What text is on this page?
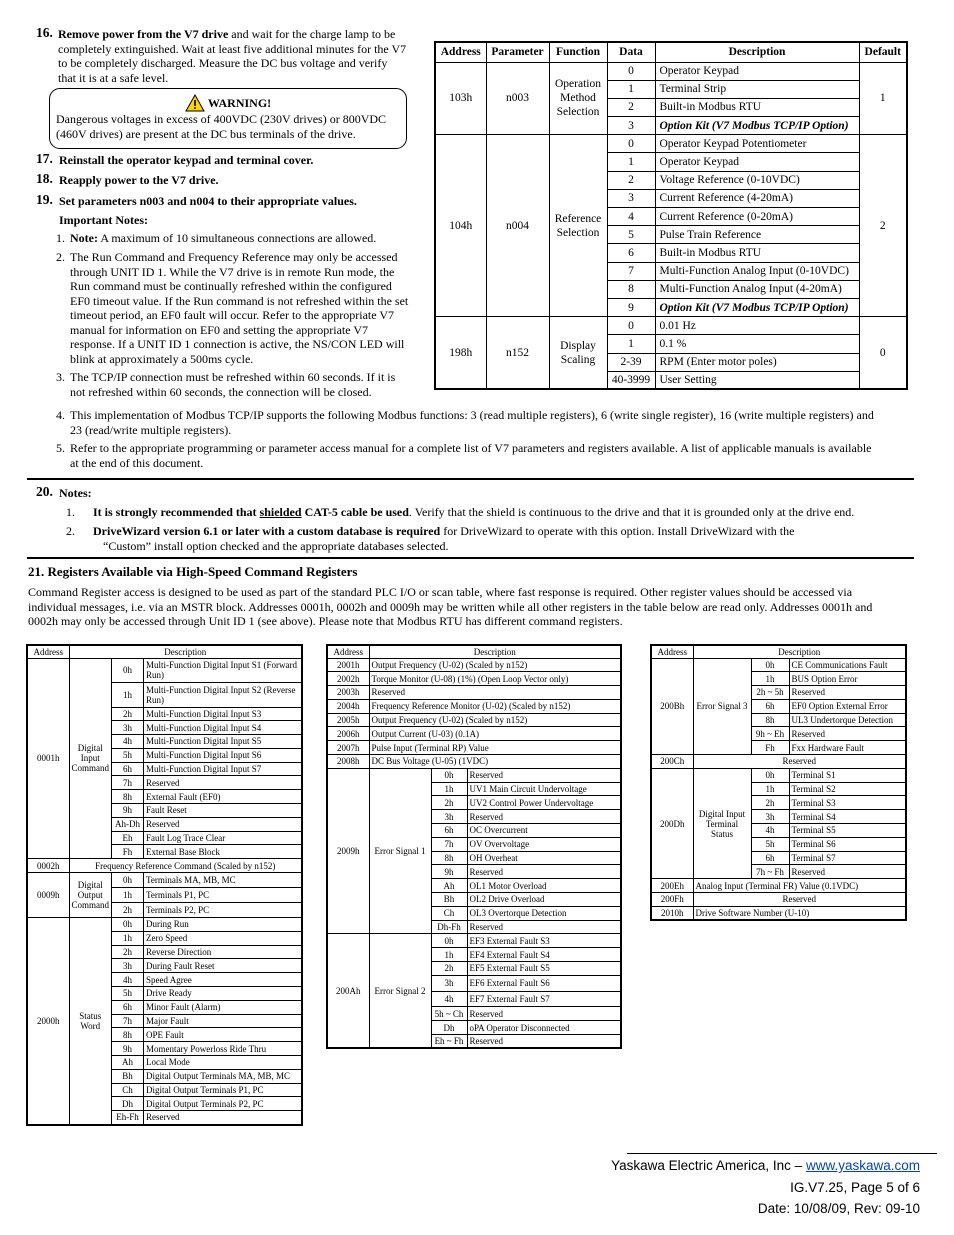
16. Remove power from the V7 drive and wait for the charge lamp to be
completely extinguished. Wait at least five additional minutes for the V7
to be completely discharged. Measure the DC bus voltage and verify
that it is at a safe level.
WARNING!
Dangerous voltages in excess of 400VDC (230V drives) or 800VDC
(460V drives) are present at the DC bus terminals of the drive.
17. Reinstall the operator keypad and terminal cover.
18. Reapply power to the V7 drive.
19. Set parameters n003 and n004 to their appropriate values.
Important Notes:
1. Note: A maximum of 10 simultaneous connections are allowed.
2. The Run Command and Frequency Reference may only be accessed
through UNIT ID 1. While the V7 drive is in remote Run mode, the
Run command must be continually refreshed within the configured
EF0 timeout value. If the Run command is not refreshed within the set
timeout period, an EF0 fault will occur. Refer to the appropriate V7
manual for information on EF0 and setting the appropriate V7
response. If a UNIT ID 1 connection is active, the NS/CON LED will
blink at approximately a 500ms cycle.
3. The TCP/IP connection must be refreshed within 60 seconds. If it is
not refreshed within 60 seconds, the connection will be closed.
Address	Parameter	Function	Data	Description	Default
103h	n003	Operation Method Selection	0	Operator Keypad	1
			1	Terminal Strip	
			2	Built-in Modbus RTU	
			3	Option Kit (V7 Modbus TCP/IP Option)	
104h	n004	Reference Selection	0	Operator Keypad Potentiometer	2
			1	Operator Keypad	
			2	Voltage Reference (0-10VDC)	
			3	Current Reference (4-20mA)	
			4	Current Reference (0-20mA)	
			5	Pulse Train Reference	
			6	Built-in Modbus RTU	
			7	Multi-Function Analog Input (0-10VDC)	
			8	Multi-Function Analog Input (4-20mA)	
			9	Option Kit (V7 Modbus TCP/IP Option)	
198h	n152	Display Scaling	0	0.01 Hz	0
			1	0.1 %	
			2-39	RPM (Enter motor poles)	
			40-3999	User Setting	
4. This implementation of Modbus TCP/IP supports the following Modbus functions: 3 (read multiple registers), 6 (write single register), 16 (write multiple registers) and
23 (read/write multiple registers).
5. Refer to the appropriate programming or parameter access manual for a complete list of V7 parameters and registers available. A list of applicable manuals is available
at the end of this document.
20. Notes:
1. It is strongly recommended that shielded CAT-5 cable be used. Verify that the shield is continuous to the drive and that it is grounded only at the drive end.
2. DriveWizard version 6.1 or later with a custom database is required for DriveWizard to operate with this option. Install DriveWizard with the
“Custom” install option checked and the appropriate databases selected.
21. Registers Available via High-Speed Command Registers
Command Register access is designed to be used as part of the standard PLC I/O or scan table, where fast response is required. Other register values should be accessed via
individual messages, i.e. via an MSTR block. Addresses 0001h, 0002h and 0009h may be written while all other registers in the table below are read only. Addresses 0001h and
0002h may only be accessed through Unit ID 1 (see above). Please note that Modbus RTU has different command registers.
Address	Description		
0001h	Digital Input Command	0h	Multi-Function Digital Input S1 (Forward Run)
		1h	Multi-Function Digital Input S2 (Reverse Run)
		2h	Multi-Function Digital Input S3
		3h	Multi-Function Digital Input S4
		4h	Multi-Function Digital Input S5
		5h	Multi-Function Digital Input S6
		6h	Multi-Function Digital Input S7
		7h	Reserved
		8h	External Fault (EF0)
		9h	Fault Reset
		Ah-Dh	Reserved
		Eh	Fault Log Trace Clear
		Fh	External Base Block
0002h	Frequency Reference Command (Scaled by n152)		
0009h	Digital Output Command	0h	Terminals MA, MB, MC
		1h	Terminals P1, PC
		2h	Terminals P2, PC
2000h	Status Word	0h	During Run
		1h	Zero Speed
		2h	Reverse Direction
		3h	During Fault Reset
		4h	Speed Agree
		5h	Drive Ready
		6h	Minor Fault (Alarm)
		7h	Major Fault
		8h	OPE Fault
		9h	Momentary Powerloss Ride Thru
		Ah	Local Mode
		Bh	Digital Output Terminals MA, MB, MC
		Ch	Digital Output Terminals P1, PC
		Dh	Digital Output Terminals P2, PC
		Eh-Fh	Reserved
Address	Description		
2001h	Output Frequency (U-02) (Scaled by n152)		
2002h	Torque Monitor (U-08) (1%) (Open Loop Vector only)		
2003h	Reserved		
2004h	Frequency Reference Monitor (U-02) (Scaled by n152)		
2005h	Output Frequency (U-02) (Scaled by n152)		
2006h	Output Current (U-03) (0.1A)		
2007h	Pulse Input (Terminal RP) Value		
2008h	DC Bus Voltage (U-05) (1VDC)		
2009h	Error Signal 1	0h	Reserved
		1h	UV1 Main Circuit Undervoltage
		2h	UV2 Control Power Undervoltage
		3h	Reserved
		6h	OC Overcurrent
		7h	OV Overvoltage
		8h	OH Overheat
		9h	Reserved
		Ah	OL1 Motor Overload
		Bh	OL2 Drive Overload
		Ch	OL3 Overtorque Detection
		Dh-Fh	Reserved
200Ah	Error Signal 2	0h	EF3 External Fault S3
		1h	EF4 External Fault S4
		2h	EF5 External Fault S5
		3h	EF6 External Fault S6
		4h	EF7 External Fault S7
		5h ~ Ch	Reserved
		Dh	oPA Operator Disconnected
		Eh ~ Fh	Reserved
Address	Description		
200Bh	Error Signal 3	0h	CE Communications Fault
		1h	BUS Option Error
		2h ~ 5h	Reserved
		6h	EF0 Option External Error
		8h	UL3 Undertorque Detection
		9h ~ Eh	Reserved
		Fh	Fxx Hardware Fault
200Ch	Reserved		
200Dh	Digital Input Terminal Status	0h	Terminal S1
		1h	Terminal S2
		2h	Terminal S3
		3h	Terminal S4
		4h	Terminal S5
		5h	Terminal S6
		6h	Terminal S7
		7h ~ Fh	Reserved
200Eh	Analog Input (Terminal FR) Value (0.1VDC)		
200Fh	Reserved		
2010h	Drive Software Number (U-10)		
Yaskawa Electric America, Inc – www.yaskawa.com
IG.V7.25, Page 5 of 6
Date: 10/08/09, Rev: 09-10
